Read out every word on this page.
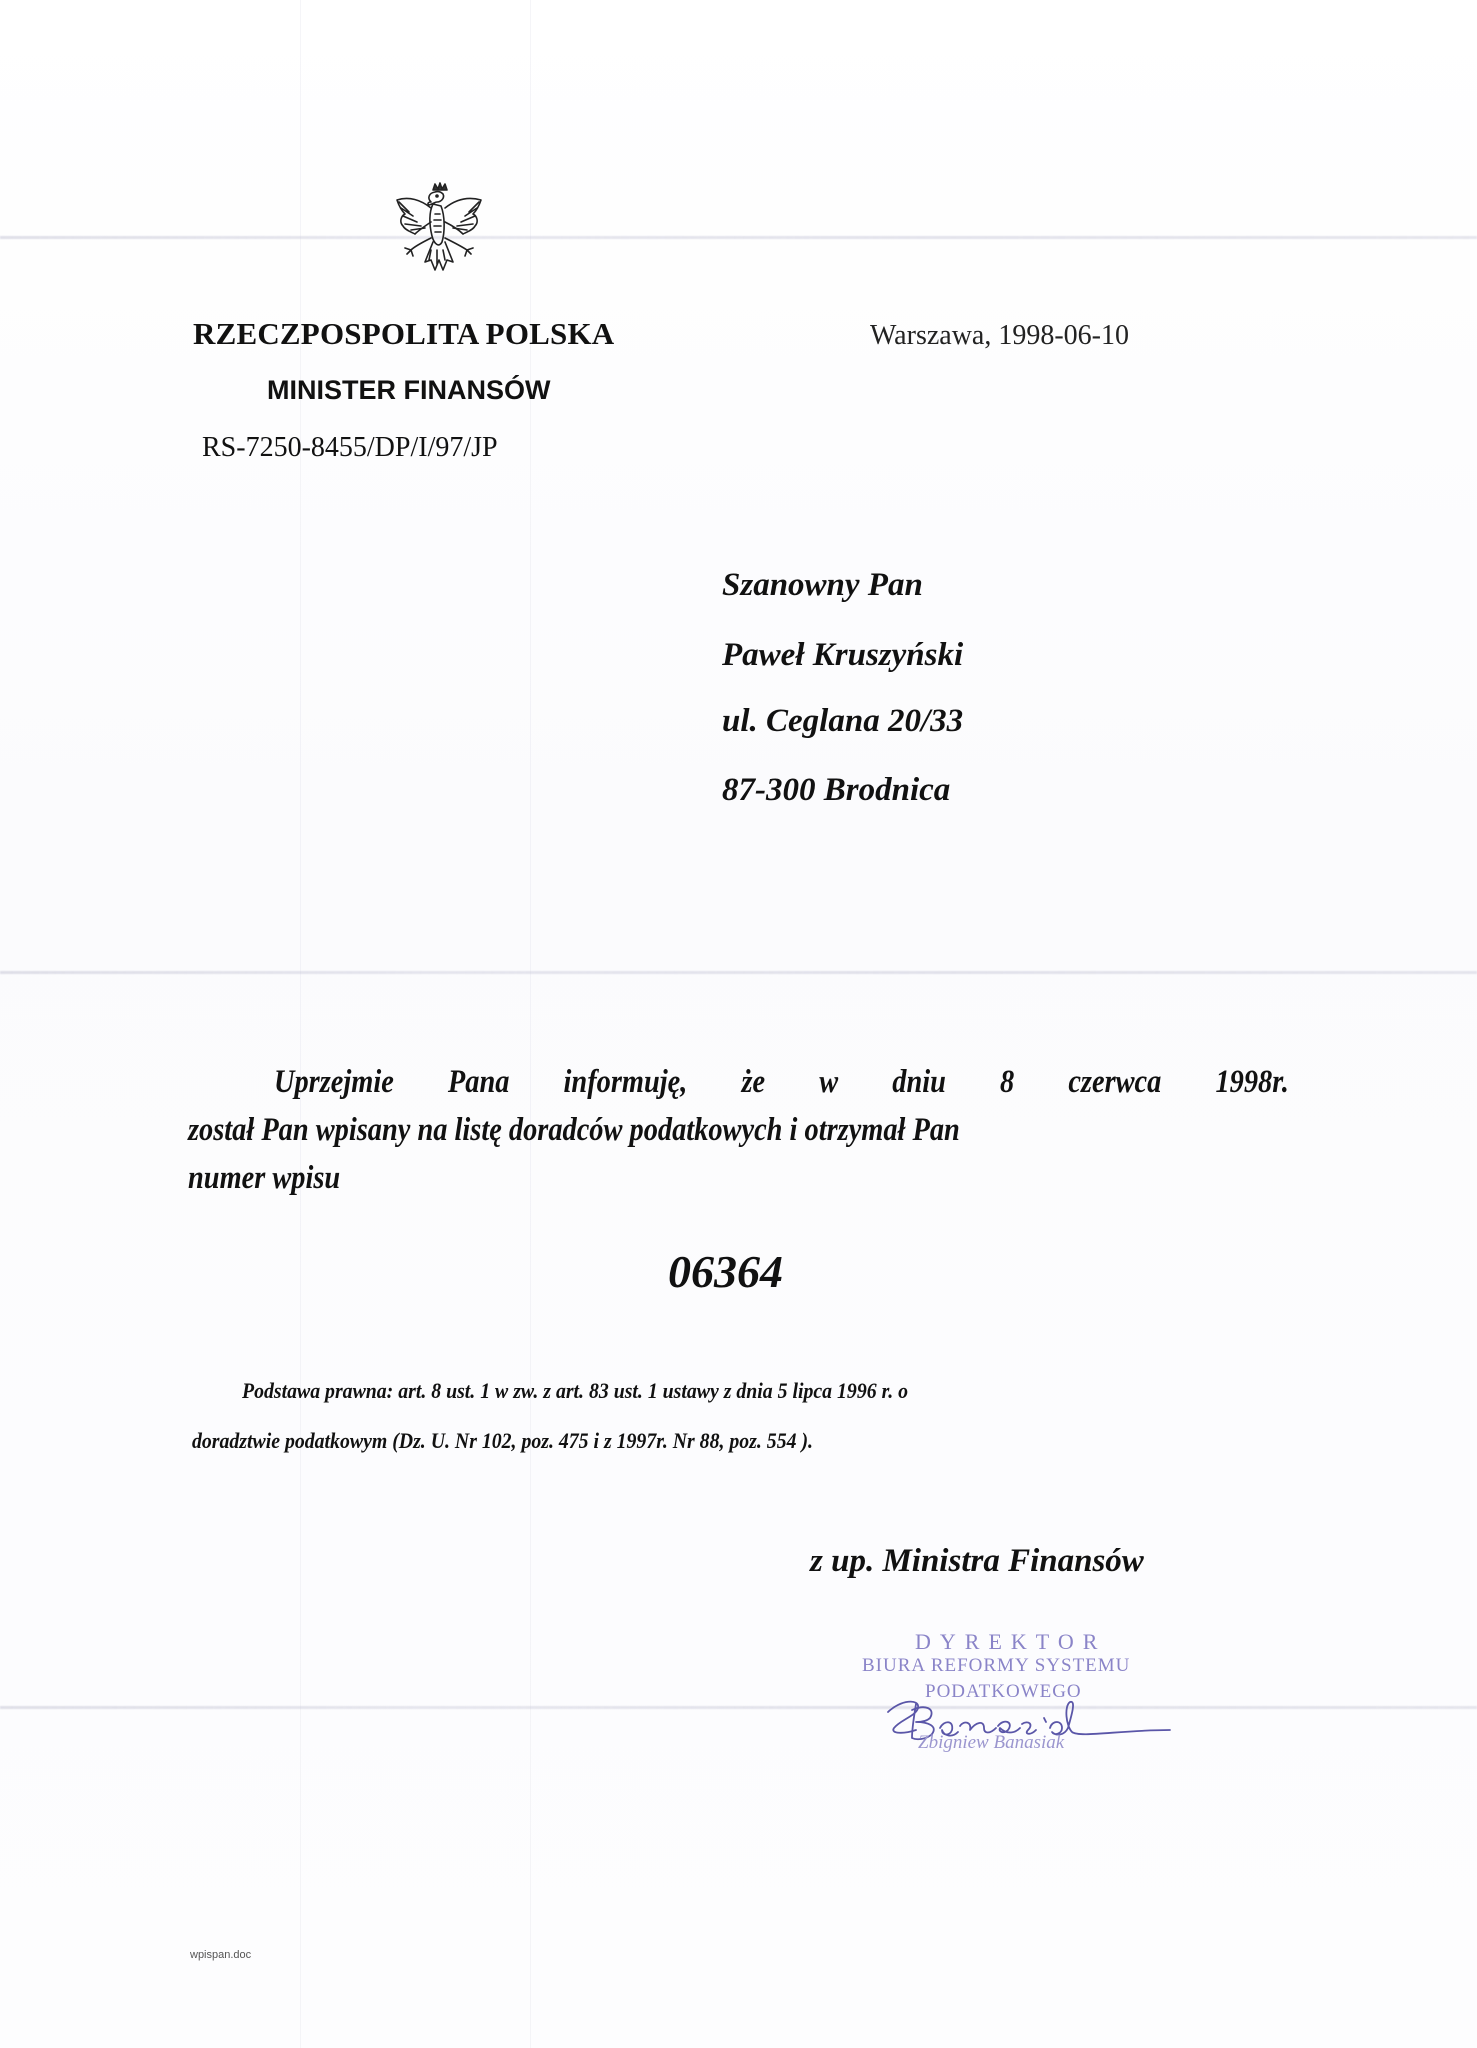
RZECZPOSPOLITA POLSKA
MINISTER FINANSÓW
RS-7250-8455/DP/I/97/JP
Warszawa, 1998-06-10
Szanowny Pan
Paweł Kruszyński
ul. Ceglana 20/33
87-300 Brodnica
Uprzejmie Pana informuję, że w dniu 8 czerwca 1998r.
został Pan wpisany na listę doradców podatkowych i otrzymał Pan
numer wpisu
06364
Podstawa prawna: art. 8 ust. 1 w zw. z art. 83 ust. 1 ustawy z dnia 5 lipca 1996 r. o
doradztwie podatkowym (Dz. U. Nr 102, poz. 475 i z 1997r. Nr 88, poz. 554 ).
z up. Ministra Finansów
DYREKTOR
BIURA REFORMY SYSTEMU
PODATKOWEGO
Zbigniew Banasiak
wpispan.doc
